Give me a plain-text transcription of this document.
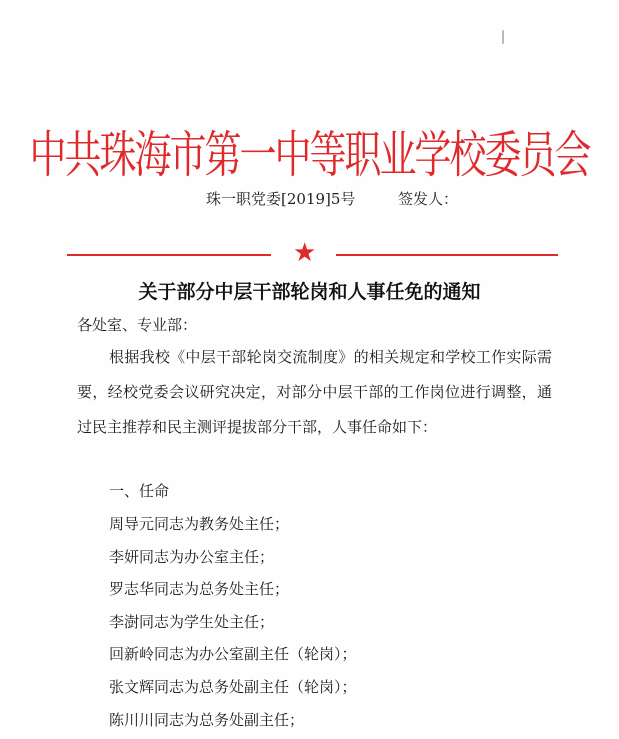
中共珠海市第一中等职业学校委员会
珠一职党委[2019]5号	签发人：
★
关于部分中层干部轮岗和人事任免的通知
各处室、专业部：
根据我校《中层干部轮岗交流制度》的相关规定和学校工作实际需要，经校党委会议研究决定，对部分中层干部的工作岗位进行调整，通过民主推荐和民主测评提拔部分干部，人事任命如下：
一、任命
周导元同志为教务处主任；
李妍同志为办公室主任；
罗志华同志为总务处主任；
李澍同志为学生处主任；
回新岭同志为办公室副主任（轮岗）；
张文辉同志为总务处副主任（轮岗）；
陈川川同志为总务处副主任；
